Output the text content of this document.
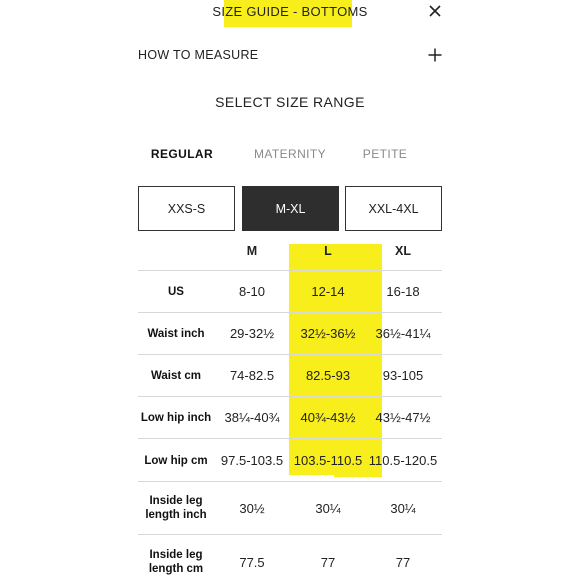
SIZE GUIDE - BOTTOMS
HOW TO MEASURE
SELECT SIZE RANGE
REGULAR	MATERNITY	PETITE
XXS-S	M-XL	XXL-4XL
M	L	XL
US	8-10	12-14	16-18
Waist inch	29-32½	32½-36½	36½-41¼
Waist cm	74-82.5	82.5-93	93-105
Low hip inch	38¼-40¾	40¾-43½	43½-47½
Low hip cm	97.5-103.5 103.5-110.5 110.5-120.5
Inside leg length inch	30½	30¼	30¼
Inside leg length cm	77.5	77	77
